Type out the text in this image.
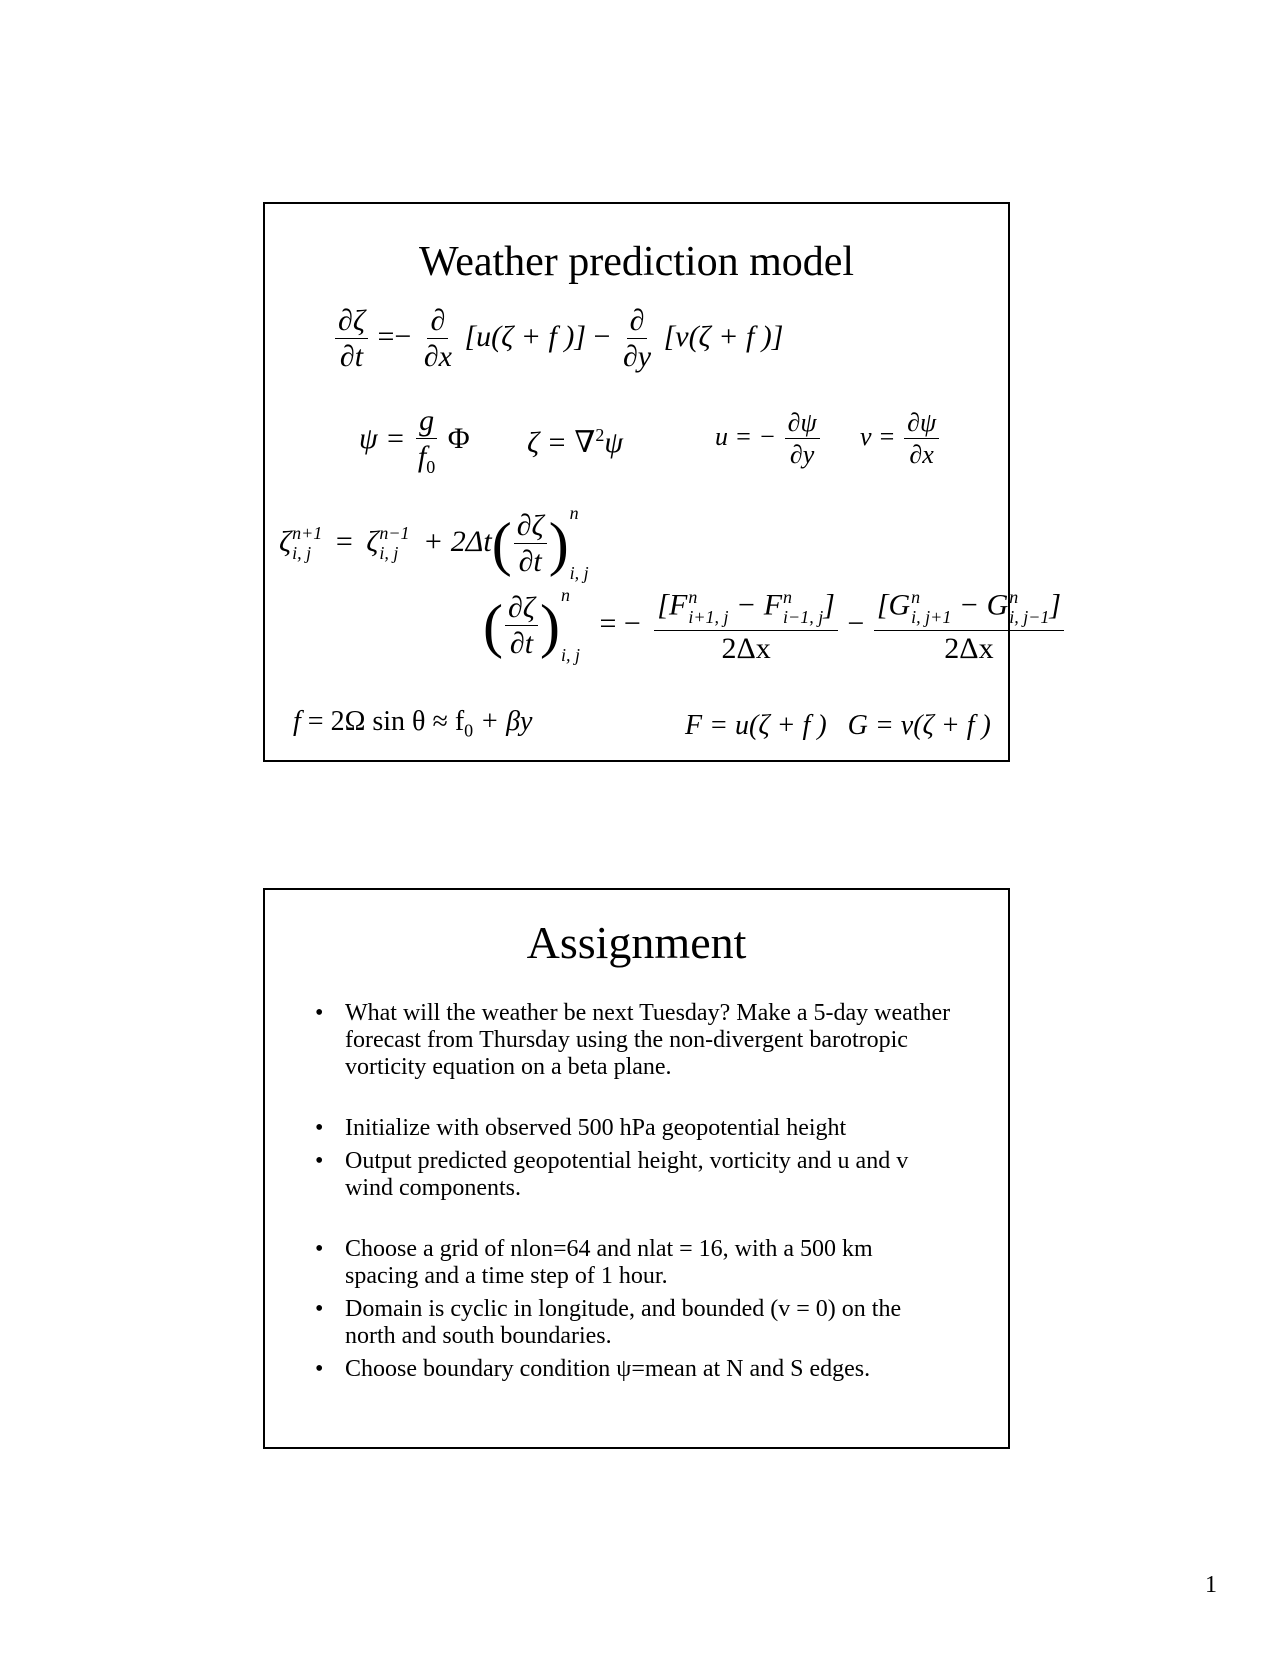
Weather prediction model
$\frac{\partial\zeta}{\partial t} =- \frac{\partial}{\partial x} [u(\zeta + f$ )] − $\frac{\partial}{\partial y} [v(\zeta + f$ )]
$\psi = \frac{g}{f_0}$ Φ ζ = ∇$^2$ψ	u = − $\frac{\partial\psi}{\partial y}$ $v = \frac{\partial\psi}{\partial x}$
ζ n+1
i, j = ζ n−1
i, $j + 2\Delta t( \frac{\partial\zeta}{\partial t}$ ) n
i, j
( $\frac{\partial\zeta}{\partial t}$ ) n
i, j
= − [F n
i+1, j − F n
i−1, j ]
2Δx − [G n
i, j+1 − G n
i, j−1 ]
2Δx
f = 2Ω $\sin \theta \approx f_0 + \beta y$	F = u(ζ + f )   G = v(ζ + f )
Assignment
• What will the weather be next Tuesday? Make a 5-day weather forecast from Thursday using the non-divergent barotropic vorticity equation on a beta plane.
• Initialize with observed 500 hPa geopotential height
• Output predicted geopotential height, vorticity and u and v wind components.
• Choose a grid of nlon=64 and nlat = 16, with a 500 km spacing and a time step of 1 hour.
• Domain is cyclic in longitude, and bounded (v = 0) on the north and south boundaries.
• Choose boundary condition ψ=mean at N and S edges.
1
